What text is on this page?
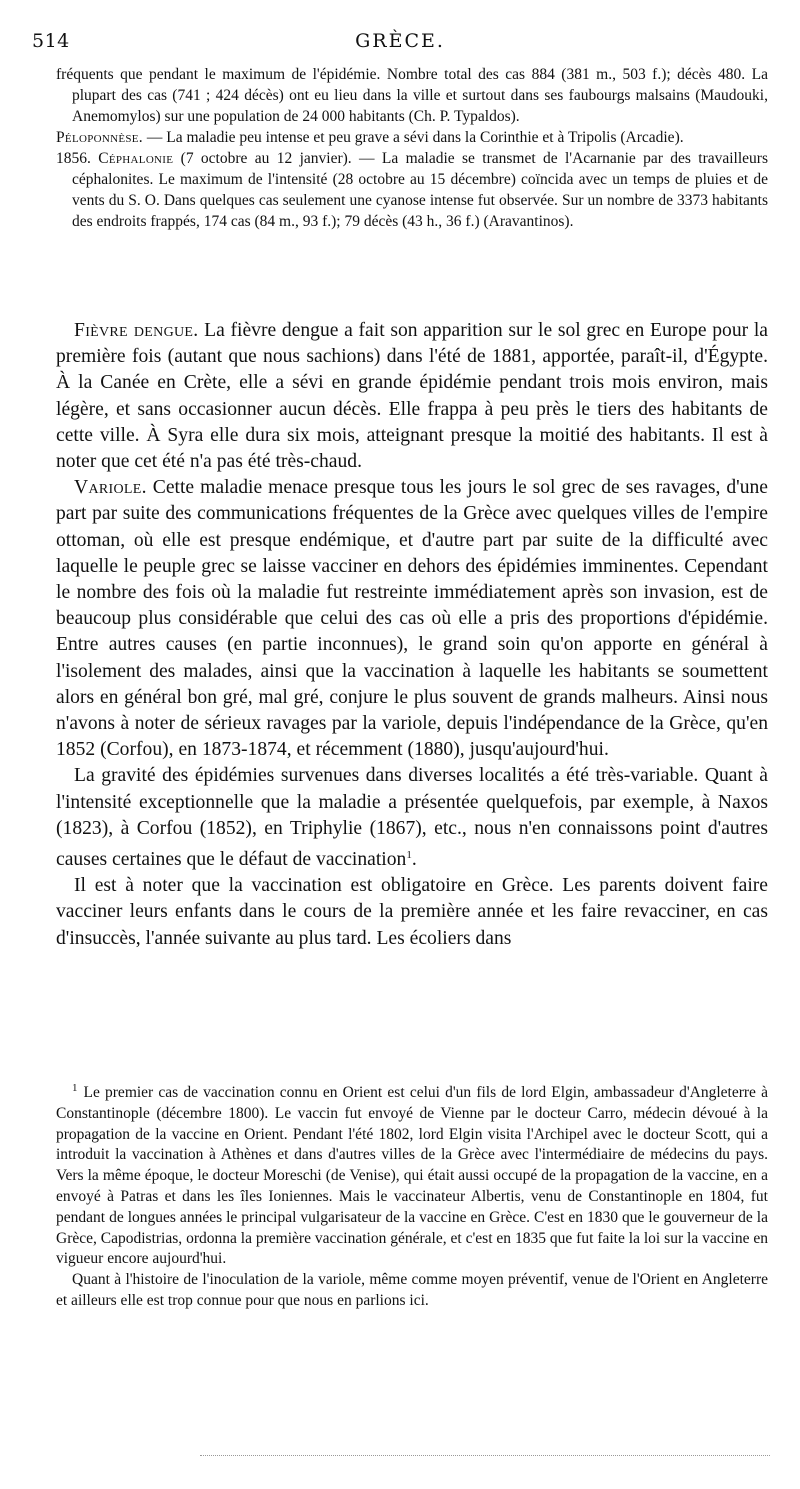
514	GRÈCE.

fréquents que pendant le maximum de l'épidémie. Nombre total des cas 884 (381 m., 503 f.); décès 480. La plupart des cas (741 ; 424 décès) ont eu lieu dans la ville et surtout dans ses faubourgs malsains (Maudouki, Anemomylos) sur une population de 24 000 habitants (Ch. P. Typaldos).

Péloponnèse. — La maladie peu intense et peu grave a sévi dans la Corinthie et à Tripolis (Arcadie).

1856. Céphalonie (7 octobre au 12 janvier). — La maladie se transmet de l'Acarnanie par des travailleurs céphalonites. Le maximum de l'intensité (28 octobre au 15 décembre) coïncida avec un temps de pluies et de vents du S. O. Dans quelques cas seulement une cyanose intense fut observée. Sur un nombre de 3373 habitants des endroits frappés, 174 cas (84 m., 93 f.); 79 décès (43 h., 36 f.) (Aravantinos).

Fièvre dengue. La fièvre dengue a fait son apparition sur le sol grec en Europe pour la première fois (autant que nous sachions) dans l'été de 1881, apportée, paraît-il, d'Égypte. À la Canée en Crète, elle a sévi en grande épidémie pendant trois mois environ, mais légère, et sans occasionner aucun décès. Elle frappa à peu près le tiers des habitants de cette ville. À Syra elle dura six mois, atteignant presque la moitié des habitants. Il est à noter que cet été n'a pas été très-chaud.

Variole. Cette maladie menace presque tous les jours le sol grec de ses ravages, d'une part par suite des communications fréquentes de la Grèce avec quelques villes de l'empire ottoman, où elle est presque endémique, et d'autre part par suite de la difficulté avec laquelle le peuple grec se laisse vacciner en dehors des épidémies imminentes. Cependant le nombre des fois où la maladie fut restreinte immédiatement après son invasion, est de beaucoup plus considérable que celui des cas où elle a pris des proportions d'épidémie. Entre autres causes (en partie inconnues), le grand soin qu'on apporte en général à l'isolement des malades, ainsi que la vaccination à laquelle les habitants se soumettent alors en général bon gré, mal gré, conjure le plus souvent de grands malheurs. Ainsi nous n'avons à noter de sérieux ravages par la variole, depuis l'indépendance de la Grèce, qu'en 1852 (Corfou), en 1873-1874, et récemment (1880), jusqu'aujourd'hui.

La gravité des épidémies survenues dans diverses localités a été très-variable. Quant à l'intensité exceptionnelle que la maladie a présentée quelquefois, par exemple, à Naxos (1823), à Corfou (1852), en Triphylie (1867), etc., nous n'en connaissons point d'autres causes certaines que le défaut de vaccination$^1$.

Il est à noter que la vaccination est obligatoire en Grèce. Les parents doivent faire vacciner leurs enfants dans le cours de la première année et les faire revacciner, en cas d'insuccès, l'année suivante au plus tard. Les écoliers dans

$^1$ Le premier cas de vaccination connu en Orient est celui d'un fils de lord Elgin, ambassadeur d'Angleterre à Constantinople (décembre 1800). Le vaccin fut envoyé de Vienne par le docteur Carro, médecin dévoué à la propagation de la vaccine en Orient. Pendant l'été 1802, lord Elgin visita l'Archipel avec le docteur Scott, qui a introduit la vaccination à Athènes et dans d'autres villes de la Grèce avec l'intermédiaire de médecins du pays. Vers la même époque, le docteur Moreschi (de Venise), qui était aussi occupé de la propagation de la vaccine, en a envoyé à Patras et dans les îles Ioniennes. Mais le vaccinateur Albertis, venu de Constantinople en 1804, fut pendant de longues années le principal vulgarisateur de la vaccine en Grèce. C'est en 1830 que le gouverneur de la Grèce, Capodistrias, ordonna la première vaccination générale, et c'est en 1835 que fut faite la loi sur la vaccine en vigueur encore aujourd'hui.

Quant à l'histoire de l'inoculation de la variole, même comme moyen préventif, venue de l'Orient en Angleterre et ailleurs elle est trop connue pour que nous en parlions ici.
